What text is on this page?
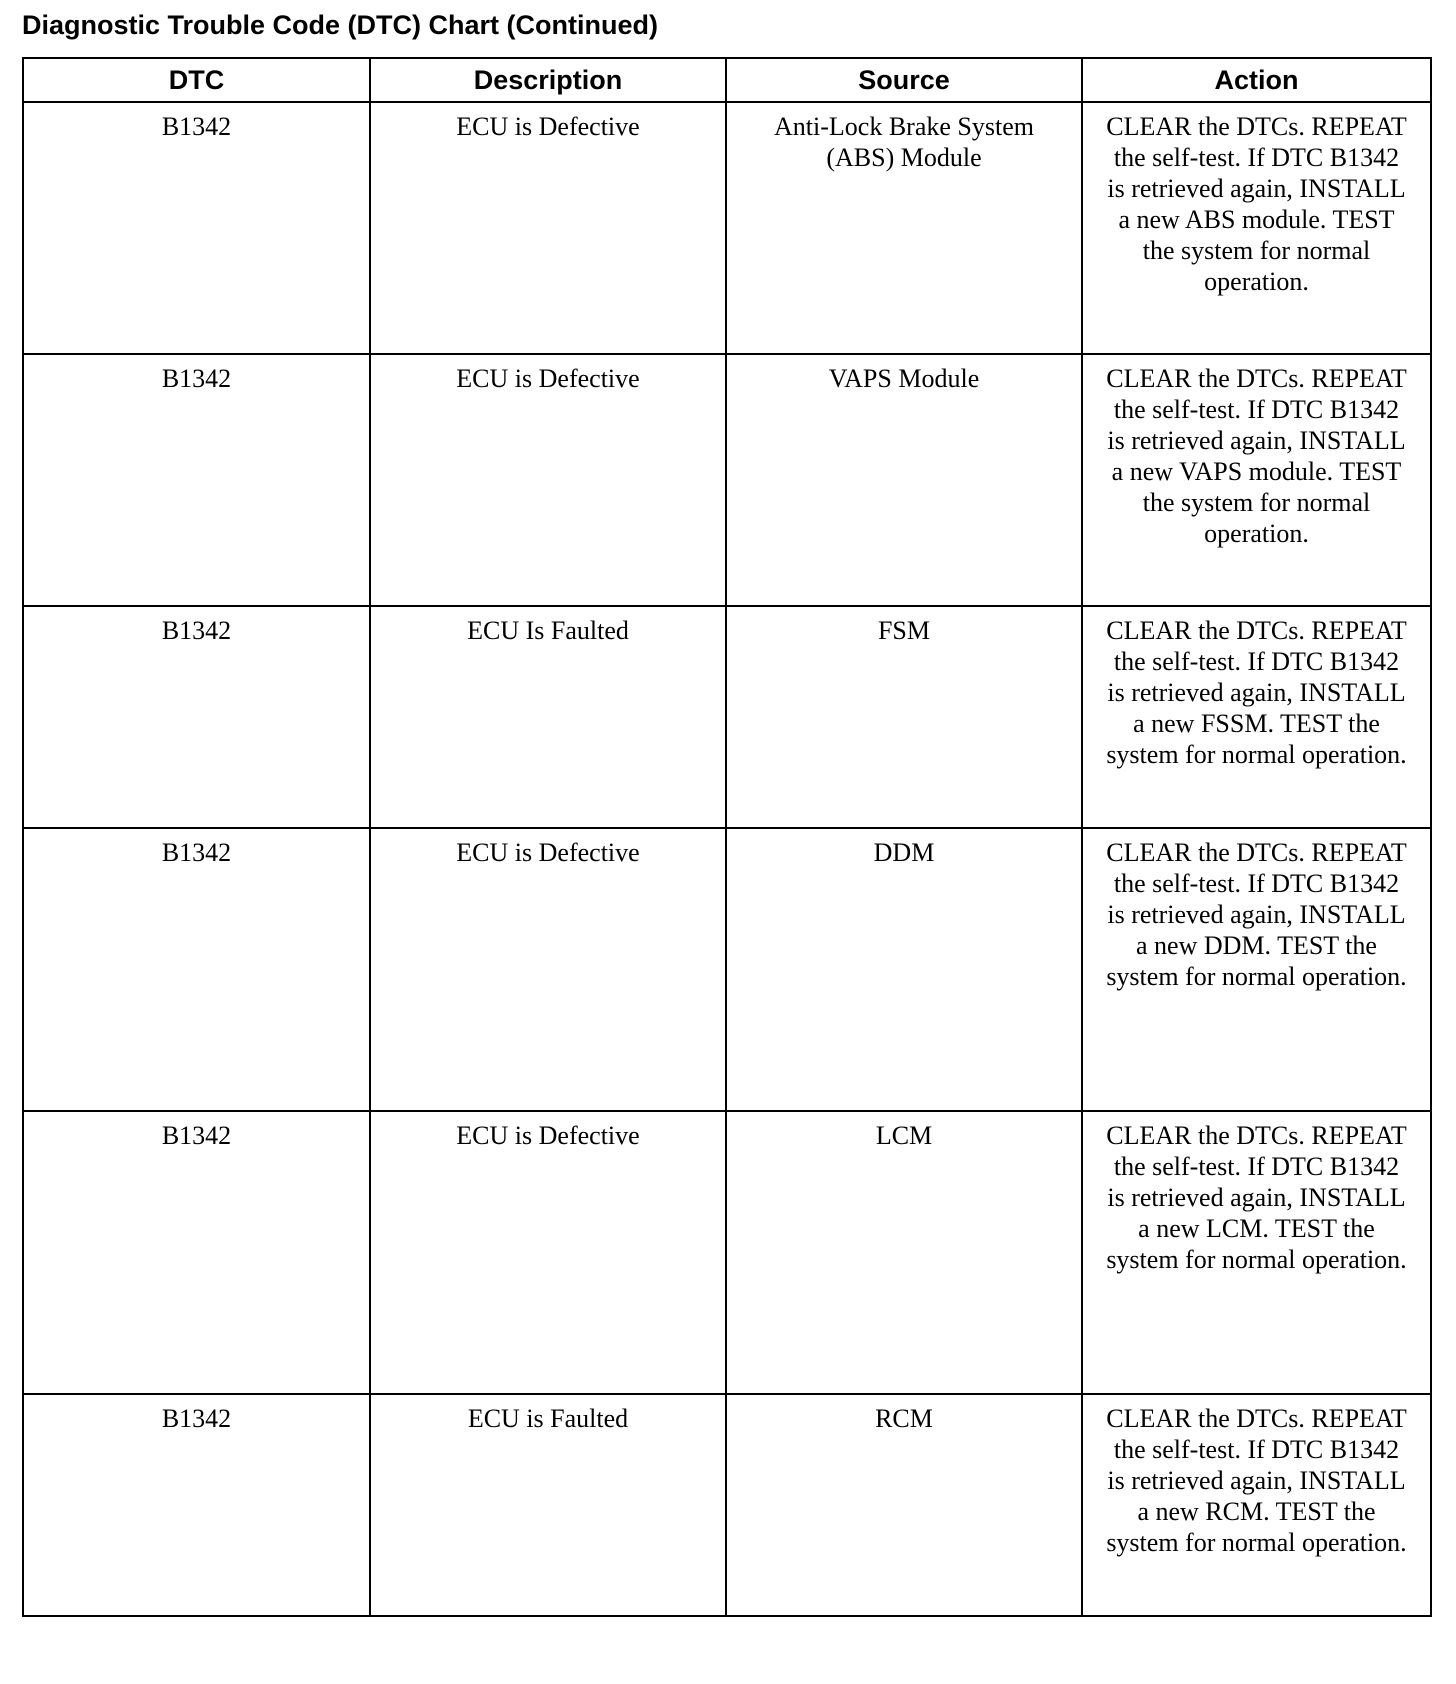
Diagnostic Trouble Code (DTC) Chart (Continued)
DTC	Description	Source	Action
B1342	ECU is Defective	Anti-Lock Brake System (ABS) Module	CLEAR the DTCs. REPEAT the self-test. If DTC B1342 is retrieved again, INSTALL a new ABS module. TEST the system for normal operation.
B1342	ECU is Defective	VAPS Module	CLEAR the DTCs. REPEAT the self-test. If DTC B1342 is retrieved again, INSTALL a new VAPS module. TEST the system for normal operation.
B1342	ECU Is Faulted	FSM	CLEAR the DTCs. REPEAT the self-test. If DTC B1342 is retrieved again, INSTALL a new FSSM. TEST the system for normal operation.
B1342	ECU is Defective	DDM	CLEAR the DTCs. REPEAT the self-test. If DTC B1342 is retrieved again, INSTALL a new DDM. TEST the system for normal operation.
B1342	ECU is Defective	LCM	CLEAR the DTCs. REPEAT the self-test. If DTC B1342 is retrieved again, INSTALL a new LCM. TEST the system for normal operation.
B1342	ECU is Faulted	RCM	CLEAR the DTCs. REPEAT the self-test. If DTC B1342 is retrieved again, INSTALL a new RCM. TEST the system for normal operation.
